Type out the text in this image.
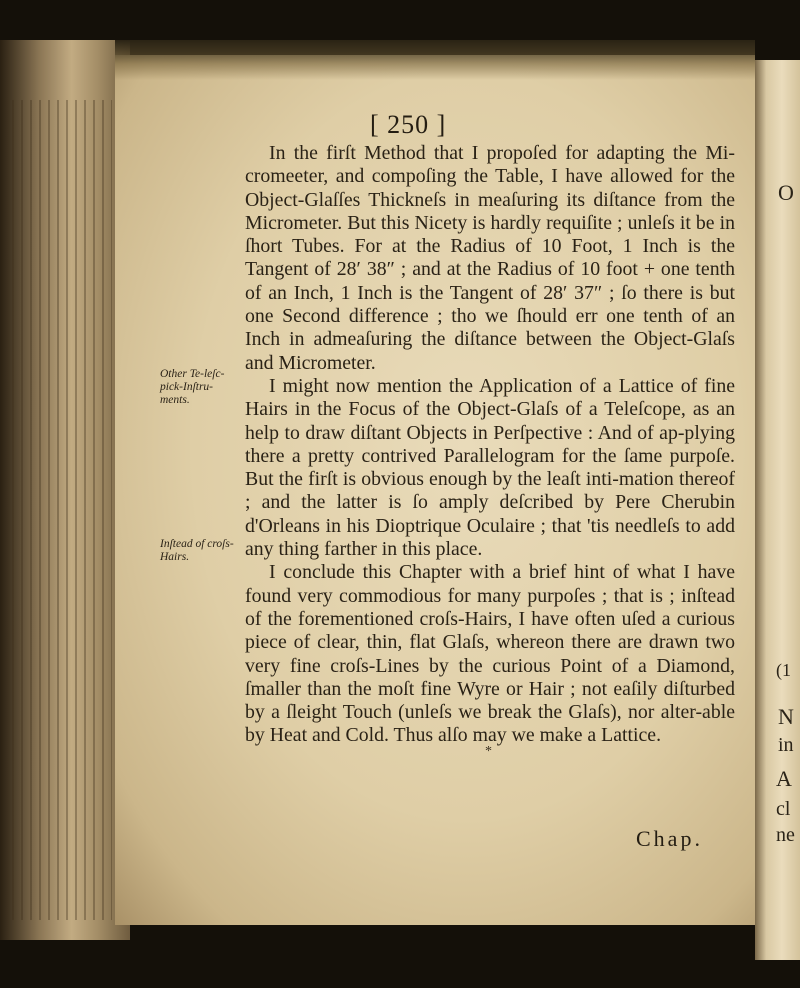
O
(1
N
in
A
cl
ne
[ 250 ]
Other Te-leſc-pick-Inſtru-ments.
Inſtead of croſs-Hairs.

In the firſt Method that I propoſed for adapting the Mi-cromeeter, and compoſing the Table, I have allowed for the Object-Glaſſes Thickneſs in meaſuring its diſtance from the Micrometer. But this Nicety is hardly requiſite ; unleſs it be in ſhort Tubes. For at the Radius of 10 Foot, 1 Inch is the Tangent of 28′ 38″ ; and at the Radius of 10 foot + one tenth of an Inch, 1 Inch is the Tangent of 28′ 37″ ; ſo there is but one Second difference ; tho we ſhould err one tenth of an Inch in admeaſuring the diſtance between the Object-Glaſs and Micrometer.

I might now mention the Application of a Lattice of fine Hairs in the Focus of the Object-Glaſs of a Teleſcope, as an help to draw diſtant Objects in Perſpective : And of ap-plying there a pretty contrived Parallelogram for the ſame purpoſe. But the firſt is obvious enough by the leaſt inti-mation thereof ; and the latter is ſo amply deſcribed by Pere Cherubin d'Orleans in his Dioptrique Oculaire ; that 'tis needleſs to add any thing farther in this place.

I conclude this Chapter with a brief hint of what I have found very commodious for many purpoſes ; that is ; inſtead of the forementioned croſs-Hairs, I have often uſed a curious piece of clear, thin, flat Glaſs, whereon there are drawn two very fine croſs-Lines by the curious Point of a Diamond, ſmaller than the moſt fine Wyre or Hair ; not eaſily diſturbed by a ſleight Touch (unleſs we break the Glaſs), nor alter-able by Heat and Cold. Thus alſo may we make a Lattice.

*
Chap.
